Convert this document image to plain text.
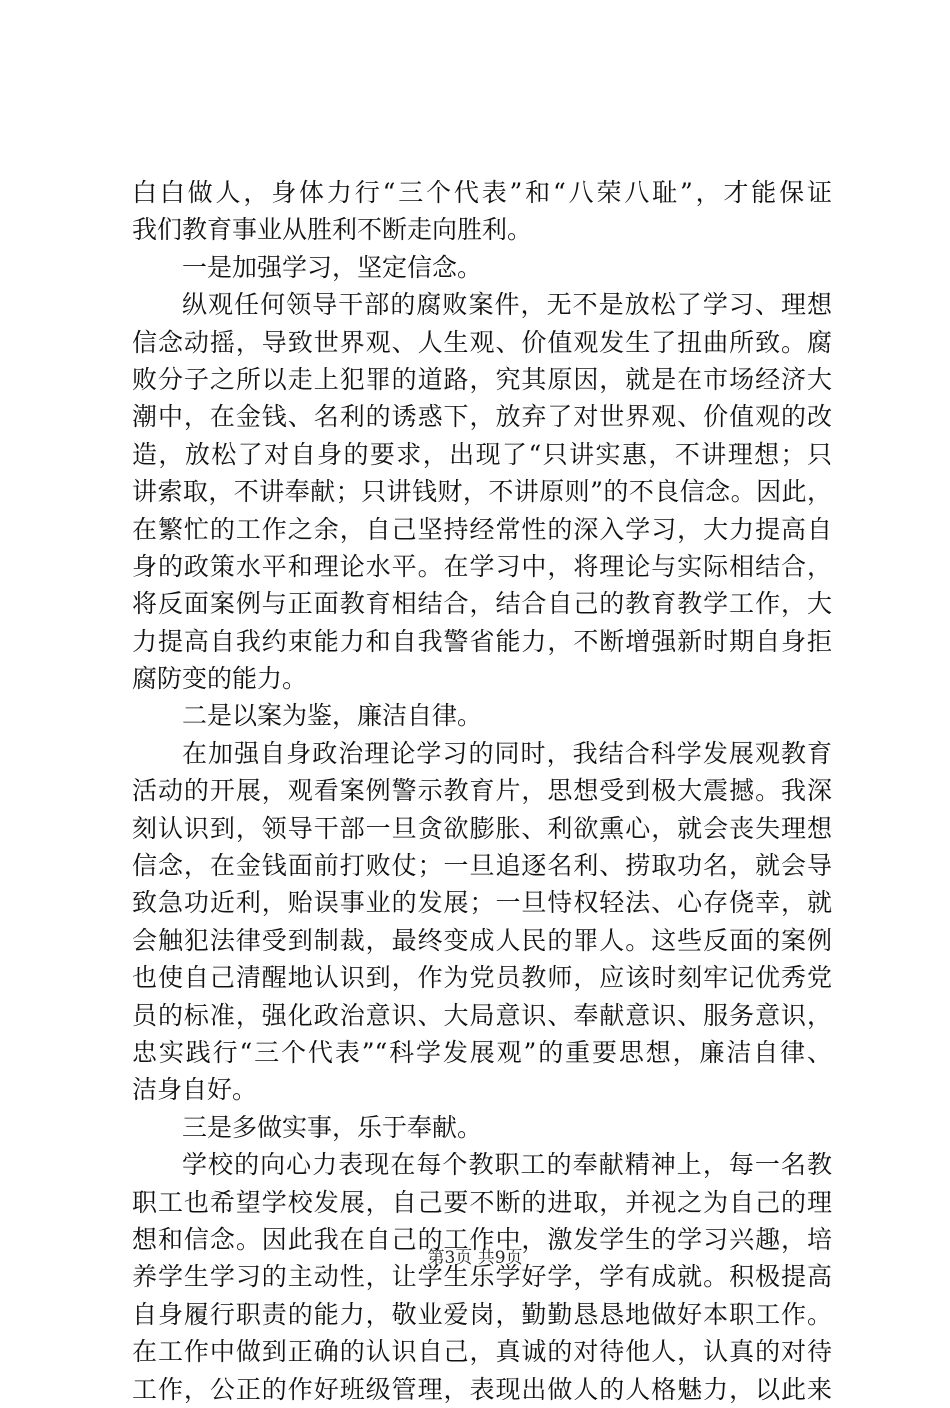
白白做人，身体力行“三个代表”和“八荣八耻”，才能保证
我们教育事业从胜利不断走向胜利。
一是加强学习，坚定信念。
纵观任何领导干部的腐败案件，无不是放松了学习、理想
信念动摇，导致世界观、人生观、价值观发生了扭曲所致。腐
败分子之所以走上犯罪的道路，究其原因，就是在市场经济大
潮中，在金钱、名利的诱惑下，放弃了对世界观、价值观的改
造，放松了对自身的要求，出现了“只讲实惠，不讲理想；只
讲索取，不讲奉献；只讲钱财，不讲原则”的不良信念。因此，
在繁忙的工作之余，自己坚持经常性的深入学习，大力提高自
身的政策水平和理论水平。在学习中，将理论与实际相结合，
将反面案例与正面教育相结合，结合自己的教育教学工作，大
力提高自我约束能力和自我警省能力，不断增强新时期自身拒
腐防变的能力。
二是以案为鉴，廉洁自律。
在加强自身政治理论学习的同时，我结合科学发展观教育
活动的开展，观看案例警示教育片，思想受到极大震撼。我深
刻认识到，领导干部一旦贪欲膨胀、利欲熏心，就会丧失理想
信念，在金钱面前打败仗；一旦追逐名利、捞取功名，就会导
致急功近利，贻误事业的发展；一旦恃权轻法、心存侥幸，就
会触犯法律受到制裁，最终变成人民的罪人。这些反面的案例
也使自己清醒地认识到，作为党员教师，应该时刻牢记优秀党
员的标准，强化政治意识、大局意识、奉献意识、服务意识，
忠实践行“三个代表”“科学发展观”的重要思想，廉洁自律、
洁身自好。
三是多做实事，乐于奉献。
学校的向心力表现在每个教职工的奉献精神上，每一名教
职工也希望学校发展，自己要不断的进取，并视之为自己的理
想和信念。因此我在自己的工作中，激发学生的学习兴趣，培
养学生学习的主动性，让学生乐学好学，学有成就。积极提高
自身履行职责的能力，敬业爱岗，勤勤恳恳地做好本职工作。
在工作中做到正确的认识自己，真诚的对待他人，认真的对待
工作，公正的作好班级管理，表现出做人的人格魅力，以此来
第3页 共9页
